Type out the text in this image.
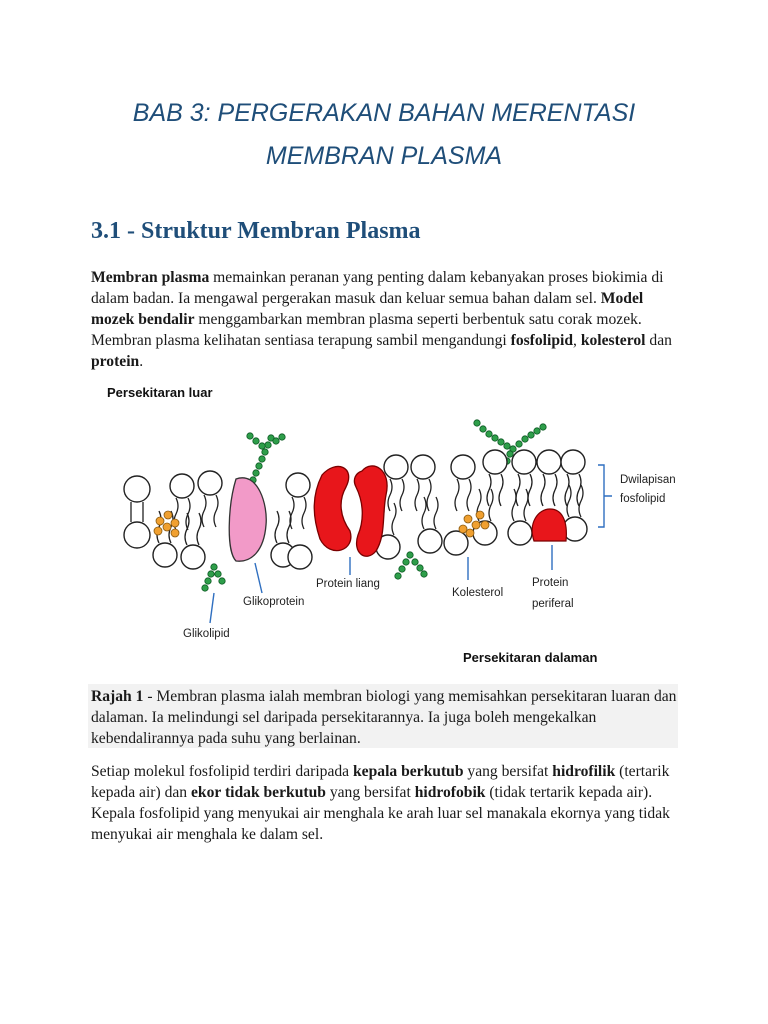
BAB 3: PERGERAKAN BAHAN MERENTASI
MEMBRAN PLASMA
3.1 - Struktur Membran Plasma

Membran plasma memainkan peranan yang penting dalam kebanyakan proses biokimia di dalam badan. Ia mengawal pergerakan masuk dan keluar semua bahan dalam sel. Model mozek bendalir menggambarkan membran plasma seperti berbentuk satu corak mozek. Membran plasma kelihatan sentiasa terapung sambil mengandungi fosfolipid, kolesterol dan protein.

Persekitaran luar
Persekitaran dalaman
Glikoprotein
Glikolipid
Protein liang
Kolesterol
Protein
periferal
Dwilapisan
fosfolipid

Rajah 1 - Membran plasma ialah membran biologi yang memisahkan persekitaran luaran dan dalaman. Ia melindungi sel daripada persekitarannya. Ia juga boleh mengekalkan kebendalirannya pada suhu yang berlainan.

Setiap molekul fosfolipid terdiri daripada kepala berkutub yang bersifat hidrofilik (tertarik kepada air) dan ekor tidak berkutub yang bersifat hidrofobik (tidak tertarik kepada air). Kepala fosfolipid yang menyukai air menghala ke arah luar sel manakala ekornya yang tidak menyukai air menghala ke dalam sel.
